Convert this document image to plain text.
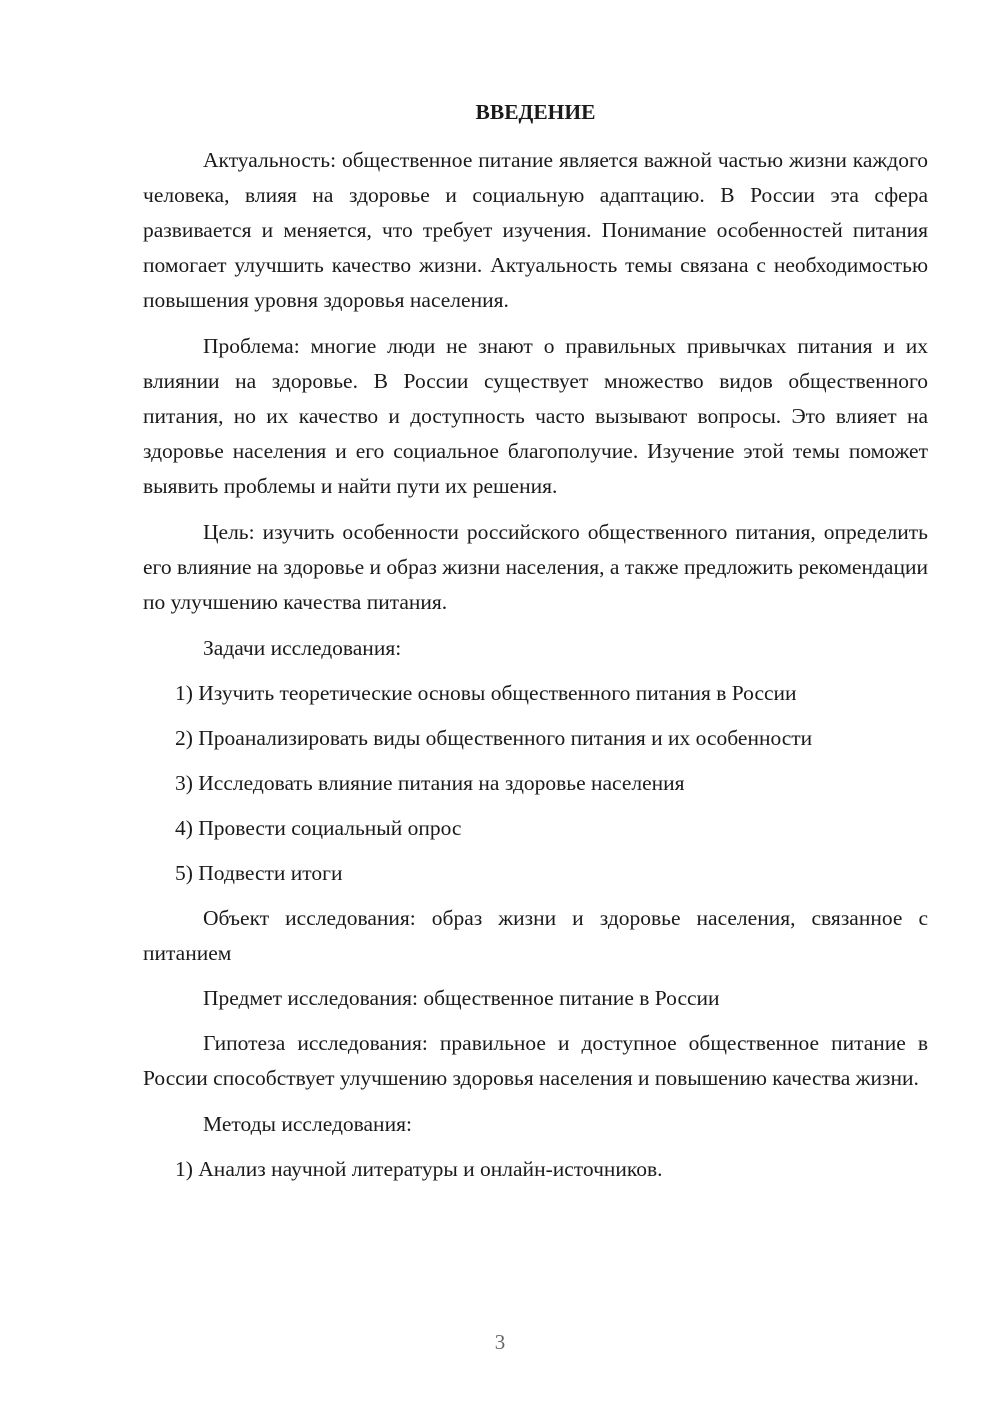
ВВЕДЕНИЕ

Актуальность: общественное питание является важной частью жизни каждого человека, влияя на здоровье и социальную адаптацию. В России эта сфера развивается и меняется, что требует изучения. Понимание особенностей питания помогает улучшить качество жизни. Актуальность темы связана с необходимостью повышения уровня здоровья населения.

Проблема: многие люди не знают о правильных привычках питания и их влиянии на здоровье. В России существует множество видов общественного питания, но их качество и доступность часто вызывают вопросы. Это влияет на здоровье населения и его социальное благополучие. Изучение этой темы поможет выявить проблемы и найти пути их решения.

Цель: изучить особенности российского общественного питания, определить его влияние на здоровье и образ жизни населения, а также предложить рекомендации по улучшению качества питания.

Задачи исследования:

1) Изучить теоретические основы общественного питания в России

2) Проанализировать виды общественного питания и их особенности

3) Исследовать влияние питания на здоровье населения

4) Провести социальный опрос

5) Подвести итоги

Объект исследования: образ жизни и здоровье населения, связанное с питанием

Предмет исследования: общественное питание в России

Гипотеза исследования: правильное и доступное общественное питание в России способствует улучшению здоровья населения и повышению качества жизни.

Методы исследования:

1) Анализ научной литературы и онлайн-источников.

3
